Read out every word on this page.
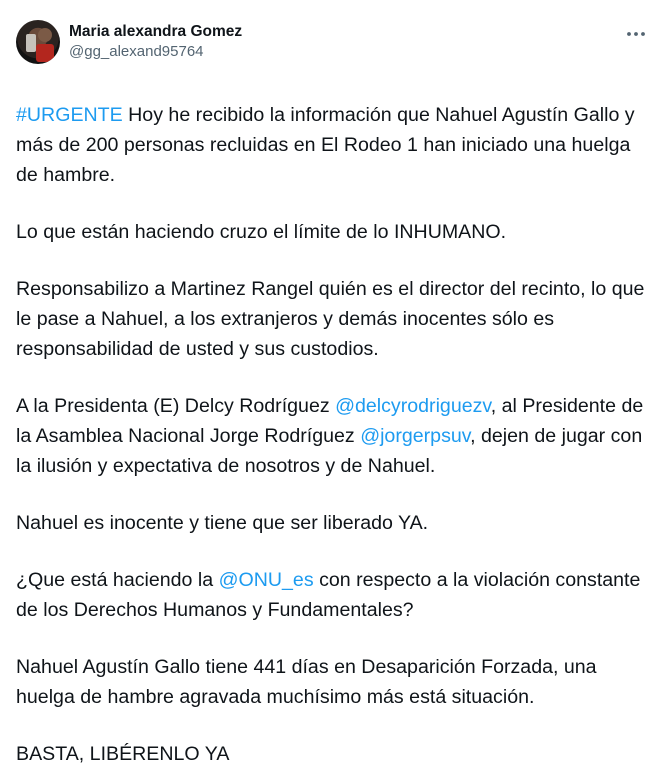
Maria alexandra Gomez
@gg_alexand95764

#URGENTE Hoy he recibido la información que Nahuel Agustín Gallo y más de 200 personas recluidas en El Rodeo 1 han iniciado una huelga de hambre.

Lo que están haciendo cruzo el límite de lo INHUMANO.

Responsabilizo a Martinez Rangel quién es el director del recinto, lo que le pase a Nahuel, a los extranjeros y demás inocentes sólo es responsabilidad de usted y sus custodios.

A la Presidenta (E) Delcy Rodríguez @delcyrodriguezv, al Presidente de la Asamblea Nacional Jorge Rodríguez @jorgerpsuv, dejen de jugar con la ilusión y expectativa de nosotros y de Nahuel.

Nahuel es inocente y tiene que ser liberado YA.

¿Que está haciendo la @ONU_es con respecto a la violación constante de los Derechos Humanos y Fundamentales?

Nahuel Agustín Gallo tiene 441 días en Desaparición Forzada, una huelga de hambre agravada muchísimo más está situación.

BASTA, LIBÉRENLO YA
